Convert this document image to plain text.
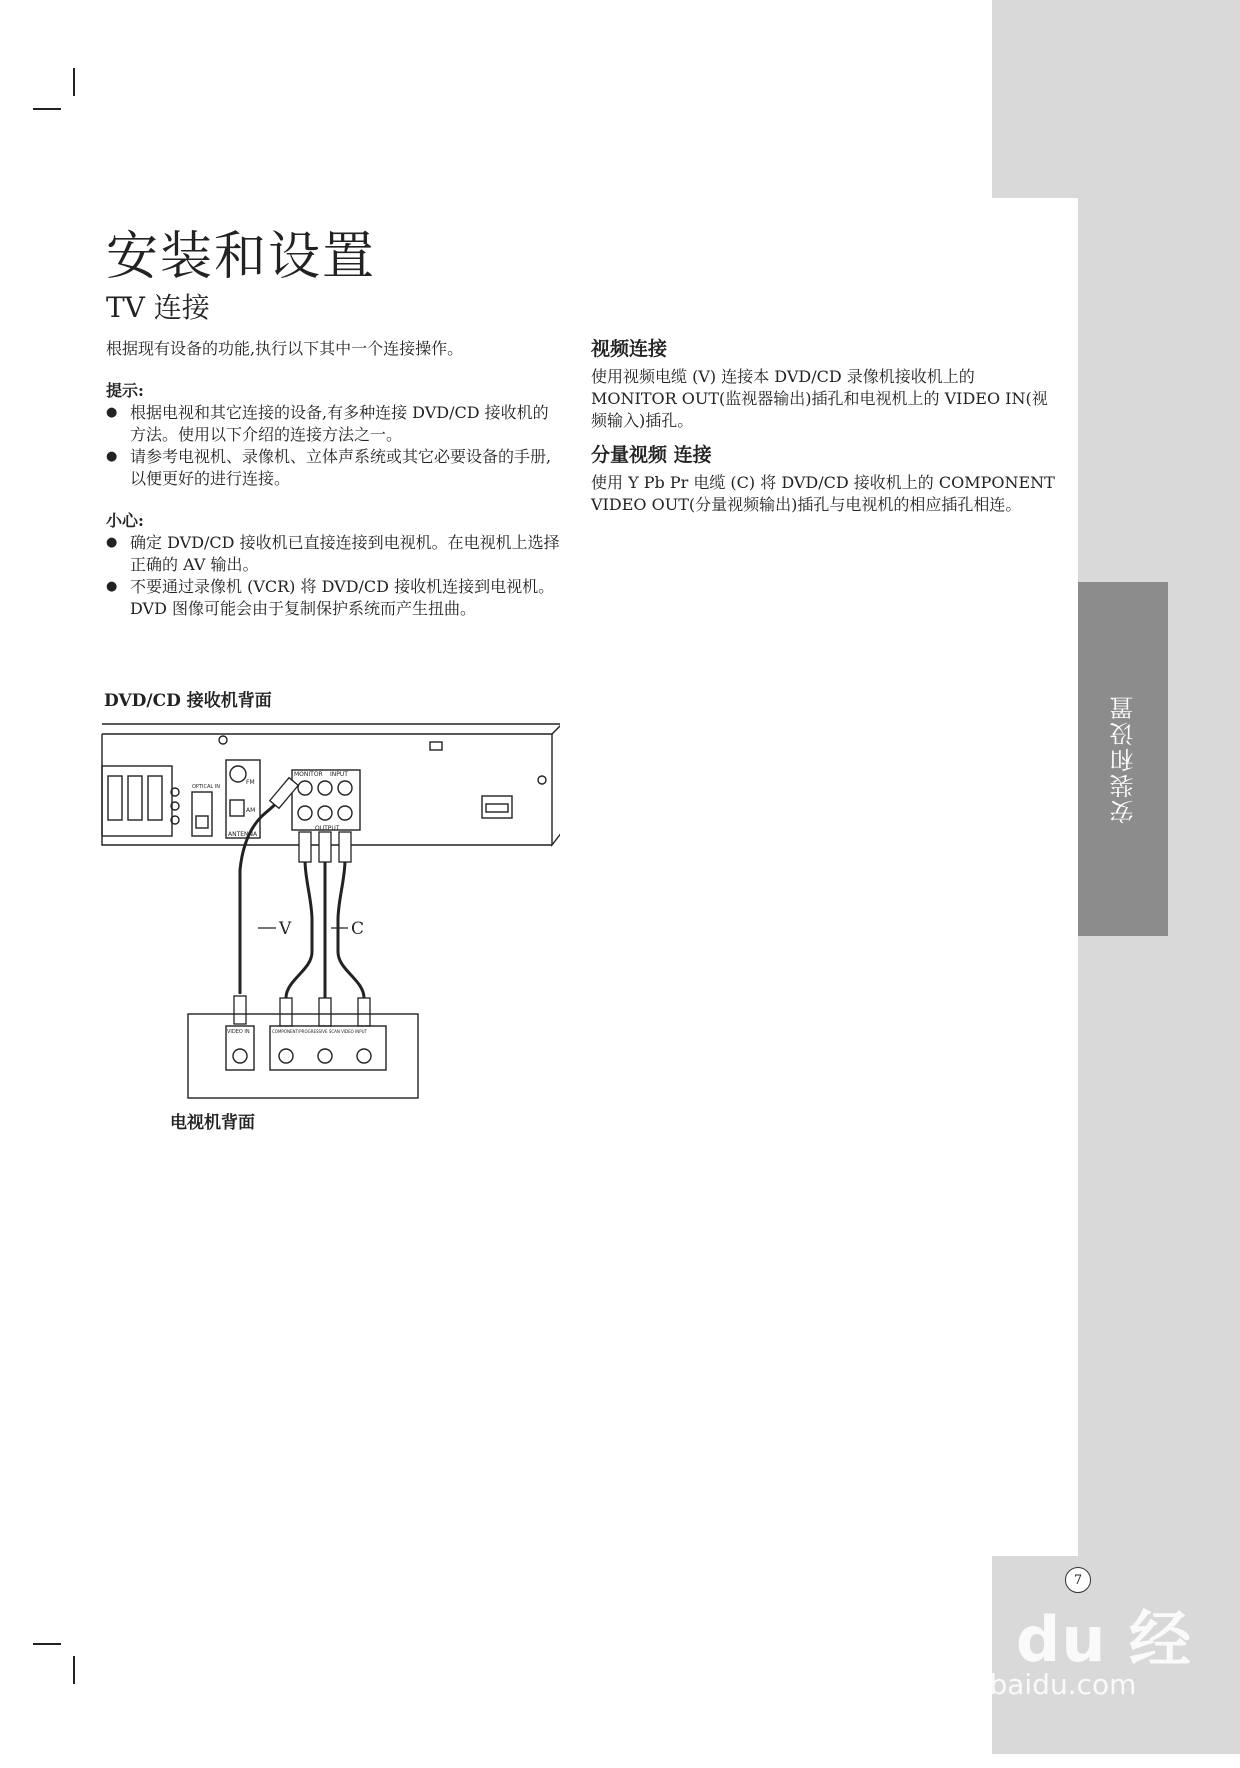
安装和设置
安装和设置
TV 连接

根据现有设备的功能,执行以下其中一个连接操作。

提示:

● 根据电视和其它连接的设备,有多种连接 DVD/CD 接收机的方法。使用以下介绍的连接方法之一。
● 请参考电视机、录像机、立体声系统或其它必要设备的手册,以便更好的进行连接。

小心:

● 确定 DVD/CD 接收机已直接连接到电视机。在电视机上选择正确的 AV 输出。
● 不要通过录像机 (VCR) 将 DVD/CD 接收机连接到电视机。DVD 图像可能会由于复制保护系统而产生扭曲。

视频连接

使用视频电缆 (V) 连接本 DVD/CD 录像机接收机上的 MONITOR OUT(监视器输出)插孔和电视机上的 VIDEO IN(视频输入)插孔。

分量视频 连接

使用 Y Pb Pr 电缆 (C) 将 DVD/CD 接收机上的 COMPONENT VIDEO OUT(分量视频输出)插孔与电视机的相应插孔相连。

DVD/CD 接收机背面
电视机背面
FM
AM
ANTENNA
MONITOR INPUT
OUTPUT
OPTICAL IN
V	C
VIDEO IN	COMPONENT/PROGRESSIVE SCAN VIDEO INPUT
7
Bai du 经验
jingyan.baidu.com
